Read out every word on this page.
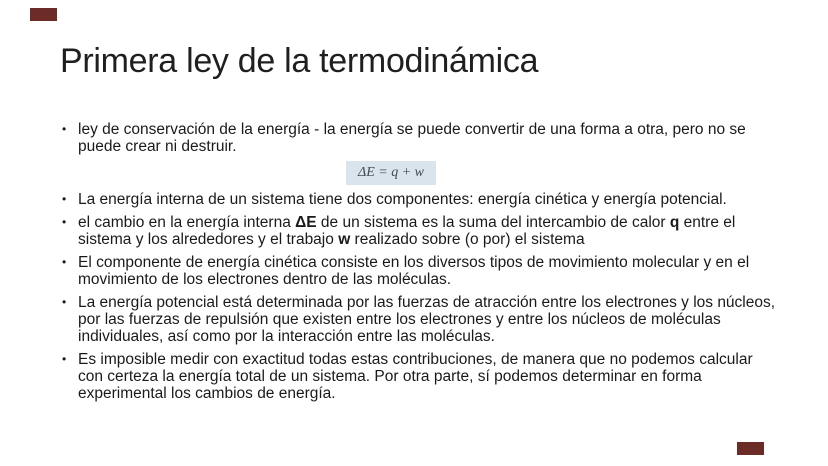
Primera ley de la termodinámica
• ley de conservación de la energía - la energía se puede convertir de una forma a otra, pero no se puede crear ni destruir.
ΔE = q + w
• La energía interna de un sistema tiene dos componentes: energía cinética y energía potencial.
• el cambio en la energía interna ΔE de un sistema es la suma del intercambio de calor q entre el sistema y los alrededores y el trabajo w realizado sobre (o por) el sistema
• El componente de energía cinética consiste en los diversos tipos de movimiento molecular y en el movimiento de los electrones dentro de las moléculas.
• La energía potencial está determinada por las fuerzas de atracción entre los electrones y los núcleos, por las fuerzas de repulsión que existen entre los electrones y entre los núcleos de moléculas individuales, así como por la interacción entre las moléculas.
• Es imposible medir con exactitud todas estas contribuciones, de manera que no podemos calcular con certeza la energía total de un sistema. Por otra parte, sí podemos determinar en forma experimental los cambios de energía.
